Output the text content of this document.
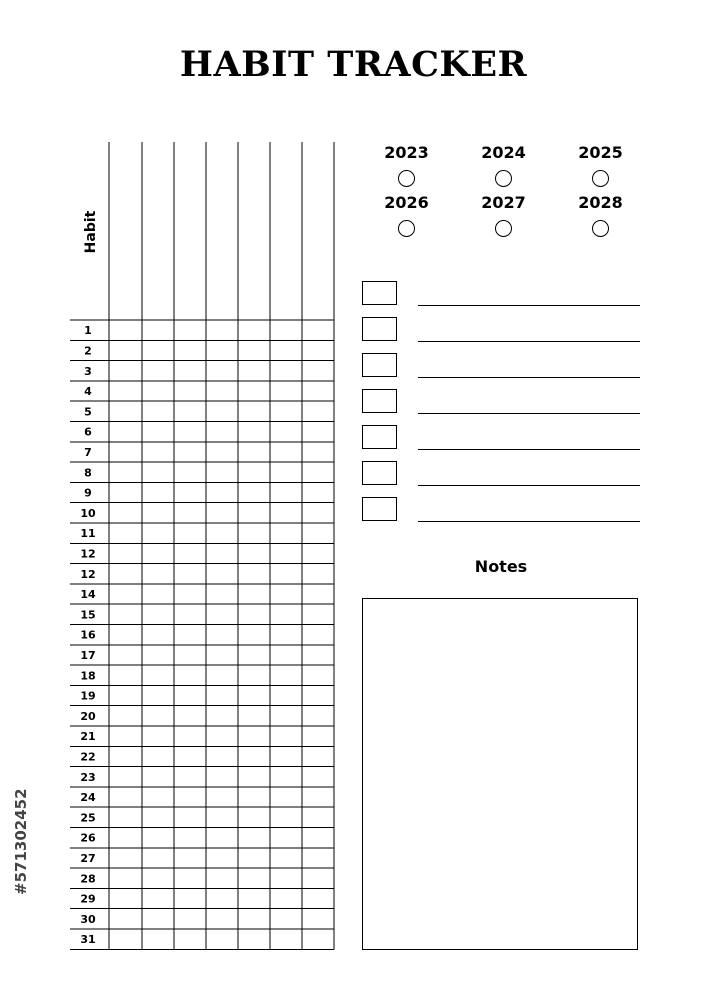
HABIT TRACKER
Habit
1
2
3
4
5
6
7
8
9
10
11
12
12
14
15
16
17
18
19
20
21
22
23
24
25
26
27
28
29
30
31
2023	2024	2025
2026	2027	2028
Notes
#571302452
